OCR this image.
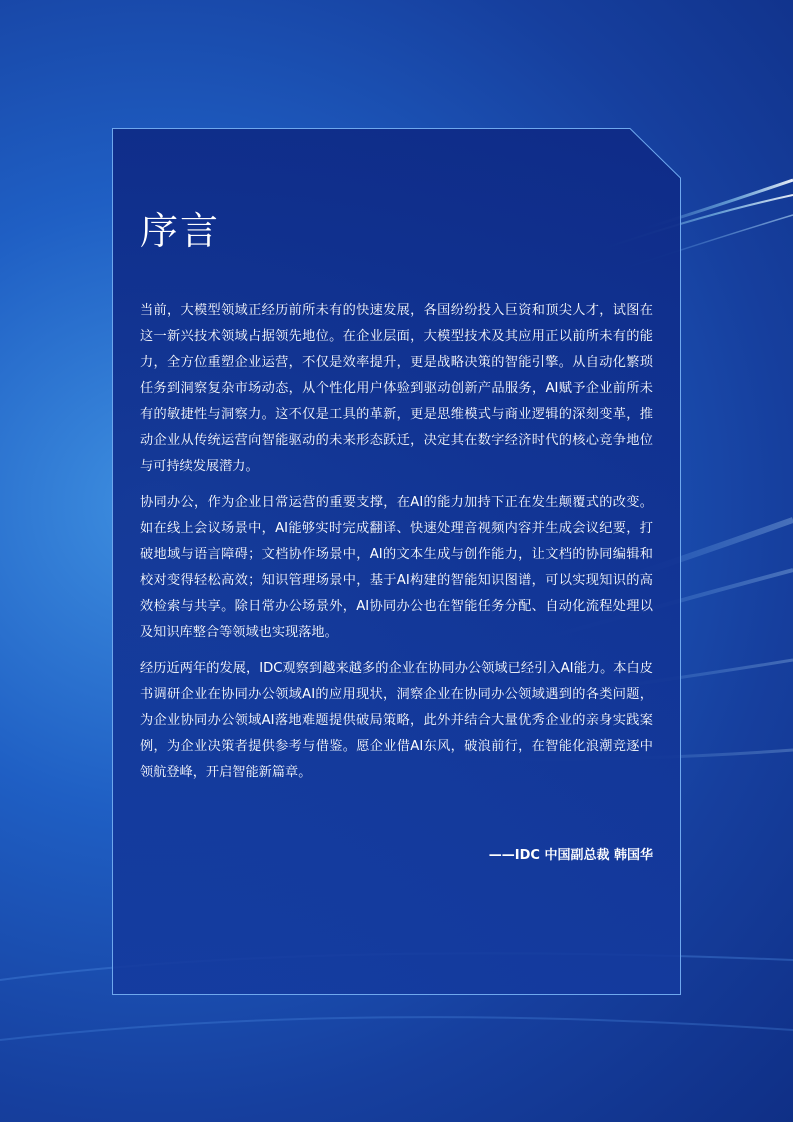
序言

当前，大模型领域正经历前所未有的快速发展，各国纷纷投入巨资和顶尖人才，试图在这一新兴技术领域占据领先地位。在企业层面，大模型技术及其应用正以前所未有的能力，全方位重塑企业运营，不仅是效率提升，更是战略决策的智能引擎。从自动化繁琐任务到洞察复杂市场动态，从个性化用户体验到驱动创新产品服务，AI赋予企业前所未有的敏捷性与洞察力。这不仅是工具的革新，更是思维模式与商业逻辑的深刻变革，推动企业从传统运营向智能驱动的未来形态跃迁，决定其在数字经济时代的核心竞争地位与可持续发展潜力。

协同办公，作为企业日常运营的重要支撑，在AI的能力加持下正在发生颠覆式的改变。如在线上会议场景中，AI能够实时完成翻译、快速处理音视频内容并生成会议纪要，打破地域与语言障碍；文档协作场景中，AI的文本生成与创作能力，让文档的协同编辑和校对变得轻松高效；知识管理场景中，基于AI构建的智能知识图谱，可以实现知识的高效检索与共享。除日常办公场景外，AI协同办公也在智能任务分配、自动化流程处理以及知识库整合等领域也实现落地。

经历近两年的发展，IDC观察到越来越多的企业在协同办公领域已经引入AI能力。本白皮书调研企业在协同办公领域AI的应用现状，洞察企业在协同办公领域遇到的各类问题，为企业协同办公领域AI落地难题提供破局策略，此外并结合大量优秀企业的亲身实践案例，为企业决策者提供参考与借鉴。愿企业借AI东风，破浪前行，在智能化浪潮竞逐中领航登峰，开启智能新篇章。

——IDC 中国副总裁 韩国华
